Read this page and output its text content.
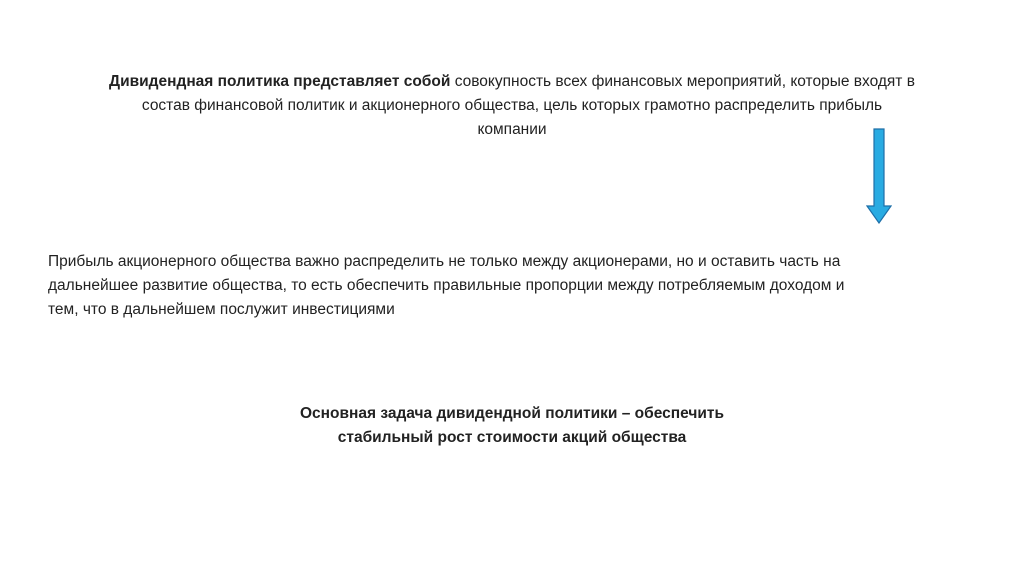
Дивидендная политика представляет собой совокупность всех финансовых мероприятий, которые входят в
состав финансовой политик и акционерного общества, цель которых грамотно распределить прибыль
компании
Прибыль акционерного общества важно распределить не только между акционерами, но и оставить часть на
дальнейшее развитие общества, то есть обеспечить правильные пропорции между потребляемым доходом и
тем, что в дальнейшем послужит инвестициями
Основная задача дивидендной политики – обеспечить
стабильный рост стоимости акций общества
